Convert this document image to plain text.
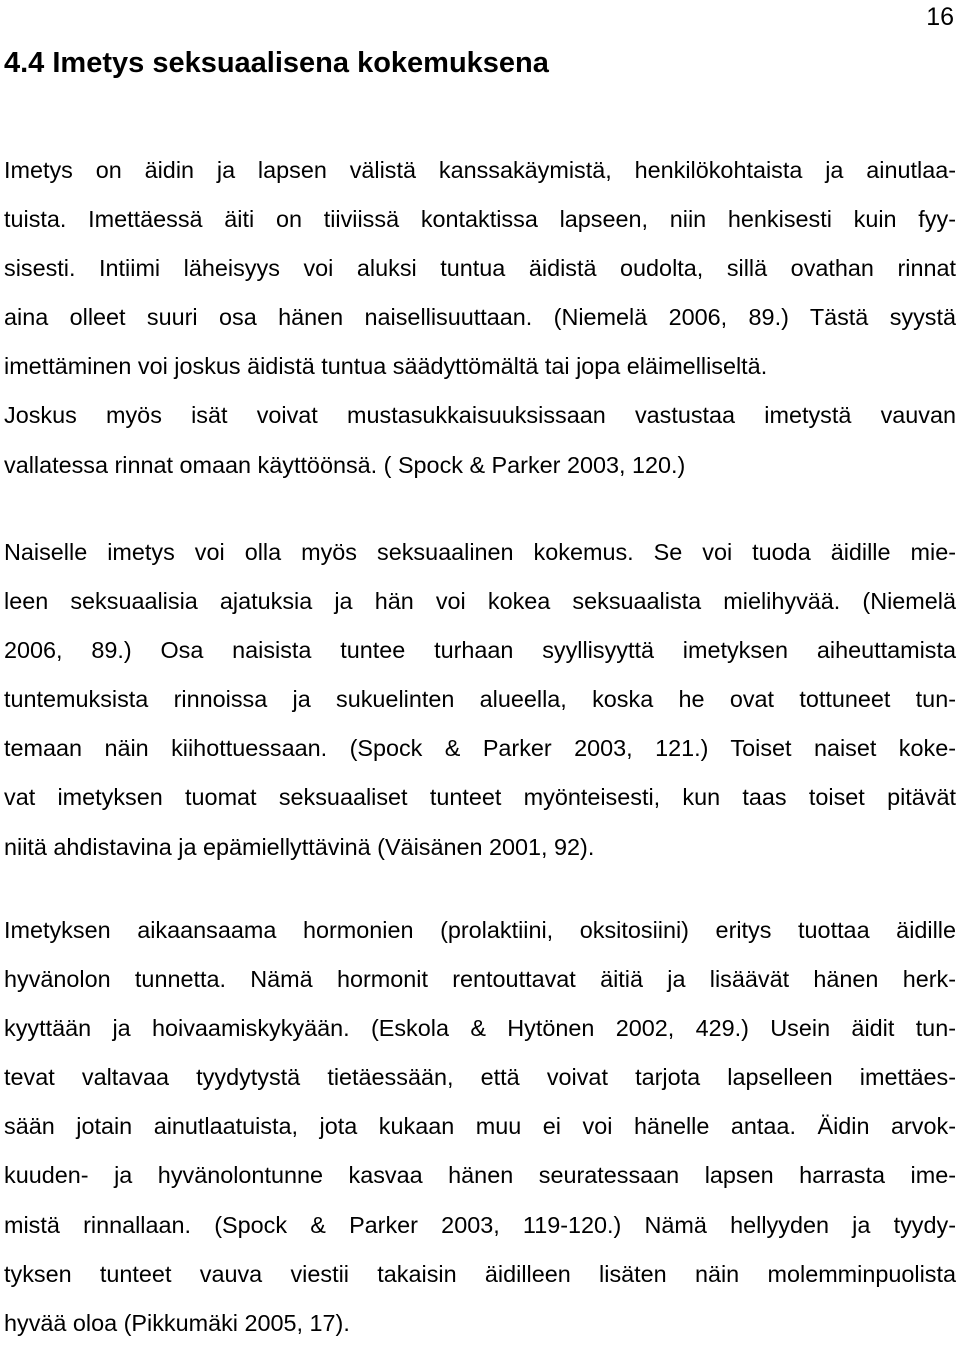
16
4.4 Imetys seksuaalisena kokemuksena
Imetys on äidin ja lapsen välistä kanssakäymistä, henkilökohtaista ja ainutlaa-
tuista. Imettäessä äiti on tiiviissä kontaktissa lapseen, niin henkisesti kuin fyy-
sisesti. Intiimi läheisyys voi aluksi tuntua äidistä oudolta, sillä ovathan rinnat
aina olleet suuri osa hänen naisellisuuttaan. (Niemelä 2006, 89.) Tästä syystä
imettäminen voi joskus äidistä tuntua säädyttömältä tai jopa eläimelliseltä.
Joskus myös isät voivat mustasukkaisuuksissaan vastustaa imetystä vauvan
vallatessa rinnat omaan käyttöönsä. ( Spock & Parker 2003, 120.)
Naiselle imetys voi olla myös seksuaalinen kokemus. Se voi tuoda äidille mie-
leen seksuaalisia ajatuksia ja hän voi kokea seksuaalista mielihyvää. (Niemelä
2006, 89.) Osa naisista tuntee turhaan syyllisyyttä imetyksen aiheuttamista
tuntemuksista rinnoissa ja sukuelinten alueella, koska he ovat tottuneet tun-
temaan näin kiihottuessaan. (Spock & Parker 2003, 121.) Toiset naiset koke-
vat imetyksen tuomat seksuaaliset tunteet myönteisesti, kun taas toiset pitävät
niitä ahdistavina ja epämiellyttävinä (Väisänen 2001, 92).
Imetyksen aikaansaama hormonien (prolaktiini, oksitosiini) eritys tuottaa äidille
hyvänolon tunnetta. Nämä hormonit rentouttavat äitiä ja lisäävät hänen herk-
kyyttään ja hoivaamiskykyään. (Eskola & Hytönen 2002, 429.) Usein äidit tun-
tevat valtavaa tyydytystä tietäessään, että voivat tarjota lapselleen imettäes-
sään jotain ainutlaatuista, jota kukaan muu ei voi hänelle antaa. Äidin arvok-
kuuden- ja hyvänolontunne kasvaa hänen seuratessaan lapsen harrasta ime-
mistä rinnallaan. (Spock & Parker 2003, 119-120.) Nämä hellyyden ja tyydy-
tyksen tunteet vauva viestii takaisin äidilleen lisäten näin molemminpuolista
hyvää oloa (Pikkumäki 2005, 17).
